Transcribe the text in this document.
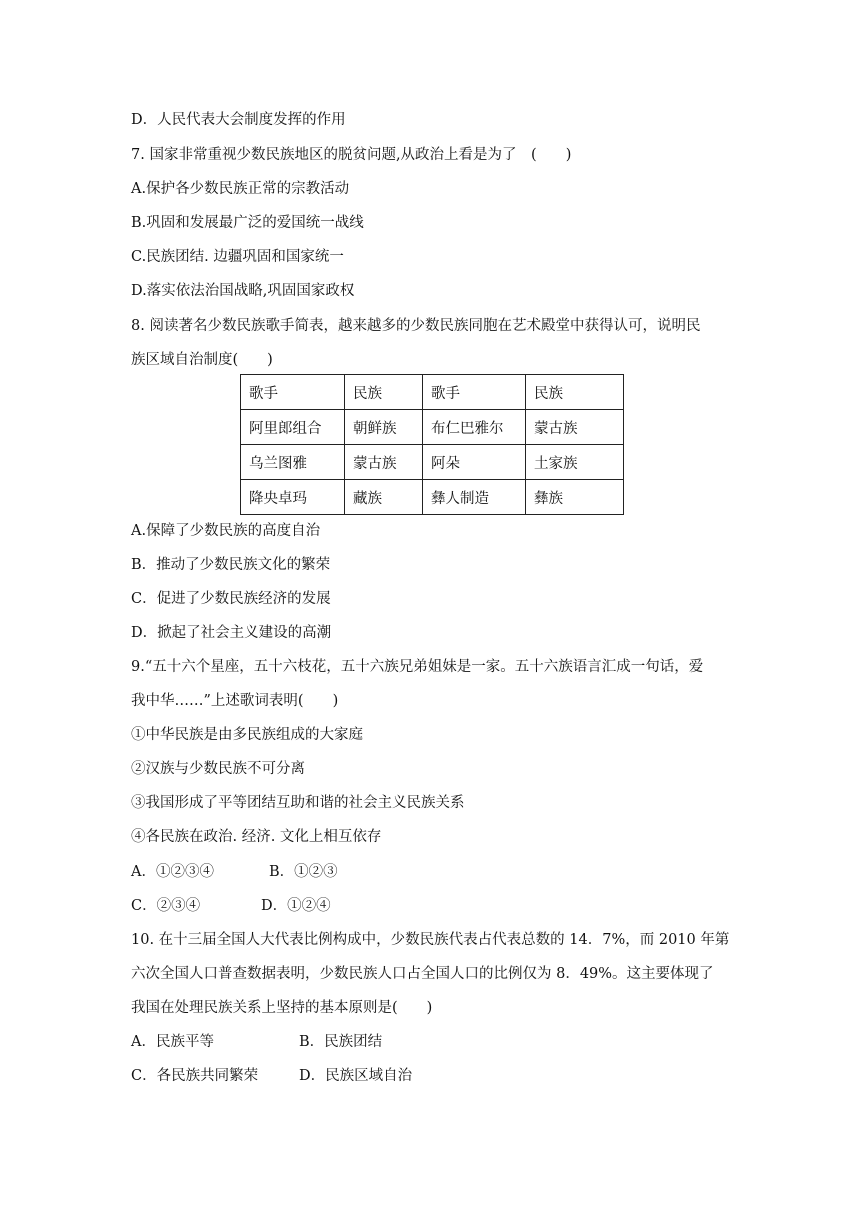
D．人民代表大会制度发挥的作用
7. 国家非常重视少数民族地区的脱贫问题,从政治上看是为了　(　　)
A.保护各少数民族正常的宗教活动
B.巩固和发展最广泛的爱国统一战线
C.民族团结. 边疆巩固和国家统一
D.落实依法治国战略,巩固国家政权
8. 阅读著名少数民族歌手简表，越来越多的少数民族同胞在艺术殿堂中获得认可，说明民
族区域自治制度(　　)
歌手	民族	歌手	民族
阿里郎组合	朝鲜族	布仁巴雅尔	蒙古族
乌兰图雅	蒙古族	阿朵	土家族
降央卓玛	藏族	彝人制造	彝族
A.保障了少数民族的高度自治
B．推动了少数民族文化的繁荣
C．促进了少数民族经济的发展
D．掀起了社会主义建设的高潮
9.“五十六个星座，五十六枝花，五十六族兄弟姐妹是一家。五十六族语言汇成一句话，爱
我中华……”上述歌词表明(　　)
①中华民族是由多民族组成的大家庭
②汉族与少数民族不可分离
③我国形成了平等团结互助和谐的社会主义民族关系
④各民族在政治. 经济. 文化上相互依存
A．①②③④	B．①②③
C．②③④	D．①②④
10. 在十三届全国人大代表比例构成中，少数民族代表占代表总数的 14．7%，而 2010 年第
六次全国人口普查数据表明，少数民族人口占全国人口的比例仅为 8．49%。这主要体现了
我国在处理民族关系上坚持的基本原则是(　　)
A．民族平等	B．民族团结
C．各民族共同繁荣	D．民族区域自治
